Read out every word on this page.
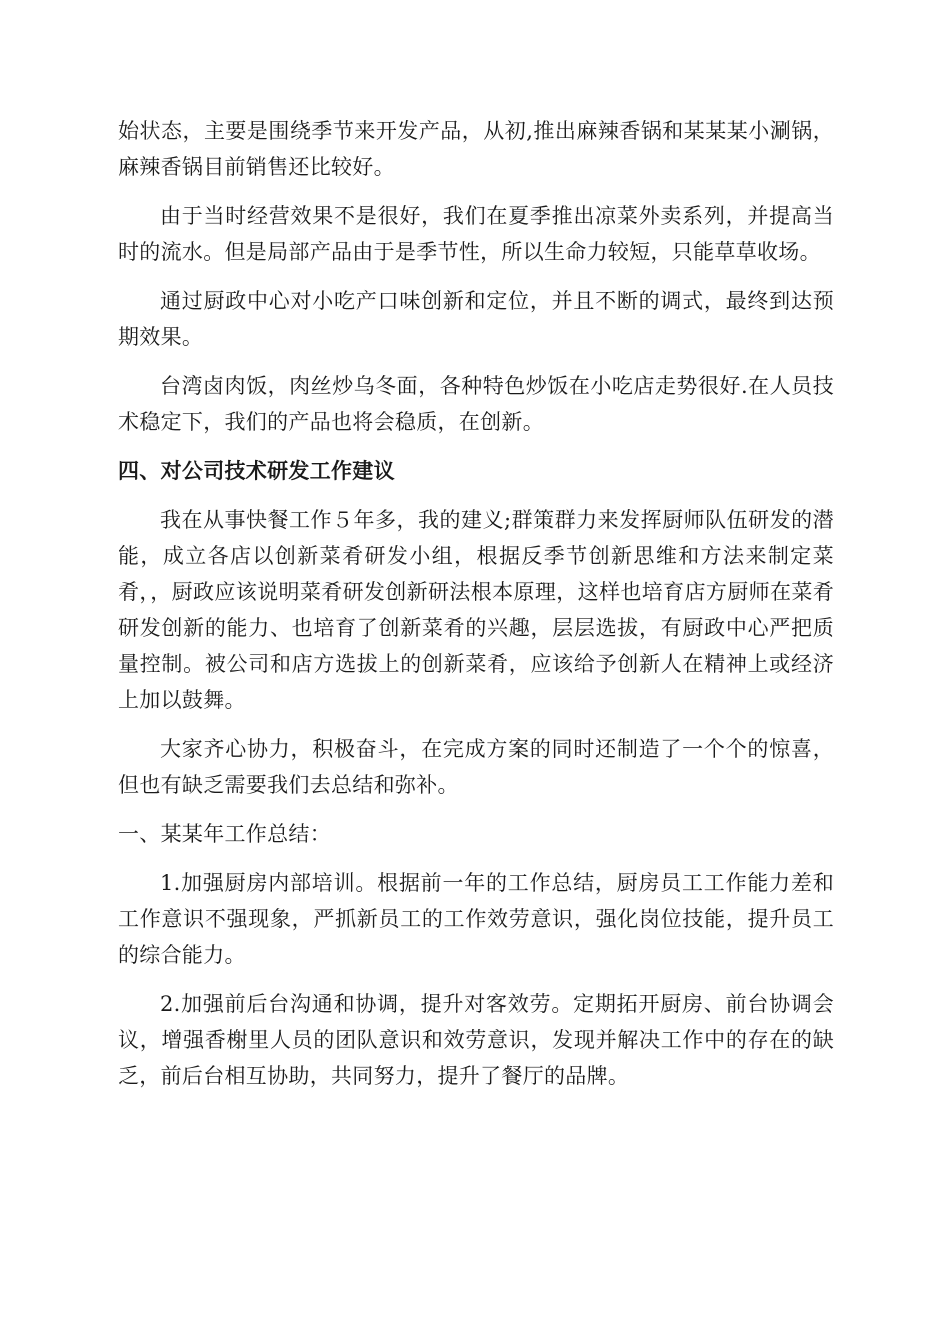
始状态，主要是围绕季节来开发产品，从初,推出麻辣香锅和某某某小涮锅，麻辣香锅目前销售还比较好。

由于当时经营效果不是很好，我们在夏季推出凉菜外卖系列，并提高当时的流水。但是局部产品由于是季节性，所以生命力较短，只能草草收场。

通过厨政中心对小吃产口味创新和定位，并且不断的调式，最终到达预期效果。

台湾卤肉饭，肉丝炒乌冬面，各种特色炒饭在小吃店走势很好.在人员技术稳定下，我们的产品也将会稳质，在创新。

四、对公司技术研发工作建议

我在从事快餐工作５年多，我的建义;群策群力来发挥厨师队伍研发的潜能，成立各店以创新菜肴研发小组，根据反季节创新思维和方法来制定菜肴，，厨政应该说明菜肴研发创新研法根本原理，这样也培育店方厨师在菜肴研发创新的能力、也培育了创新菜肴的兴趣，层层选拔，有厨政中心严把质量控制。被公司和店方选拔上的创新菜肴，应该给予创新人在精神上或经济上加以鼓舞。

大家齐心协力，积极奋斗，在完成方案的同时还制造了一个个的惊喜，但也有缺乏需要我们去总结和弥补。

一、某某年工作总结：

1.加强厨房内部培训。根据前一年的工作总结，厨房员工工作能力差和工作意识不强现象，严抓新员工的工作效劳意识，强化岗位技能，提升员工的综合能力。

2.加强前后台沟通和协调，提升对客效劳。定期拓开厨房、前台协调会议，增强香榭里人员的团队意识和效劳意识，发现并解决工作中的存在的缺乏，前后台相互协助，共同努力，提升了餐厅的品牌。
